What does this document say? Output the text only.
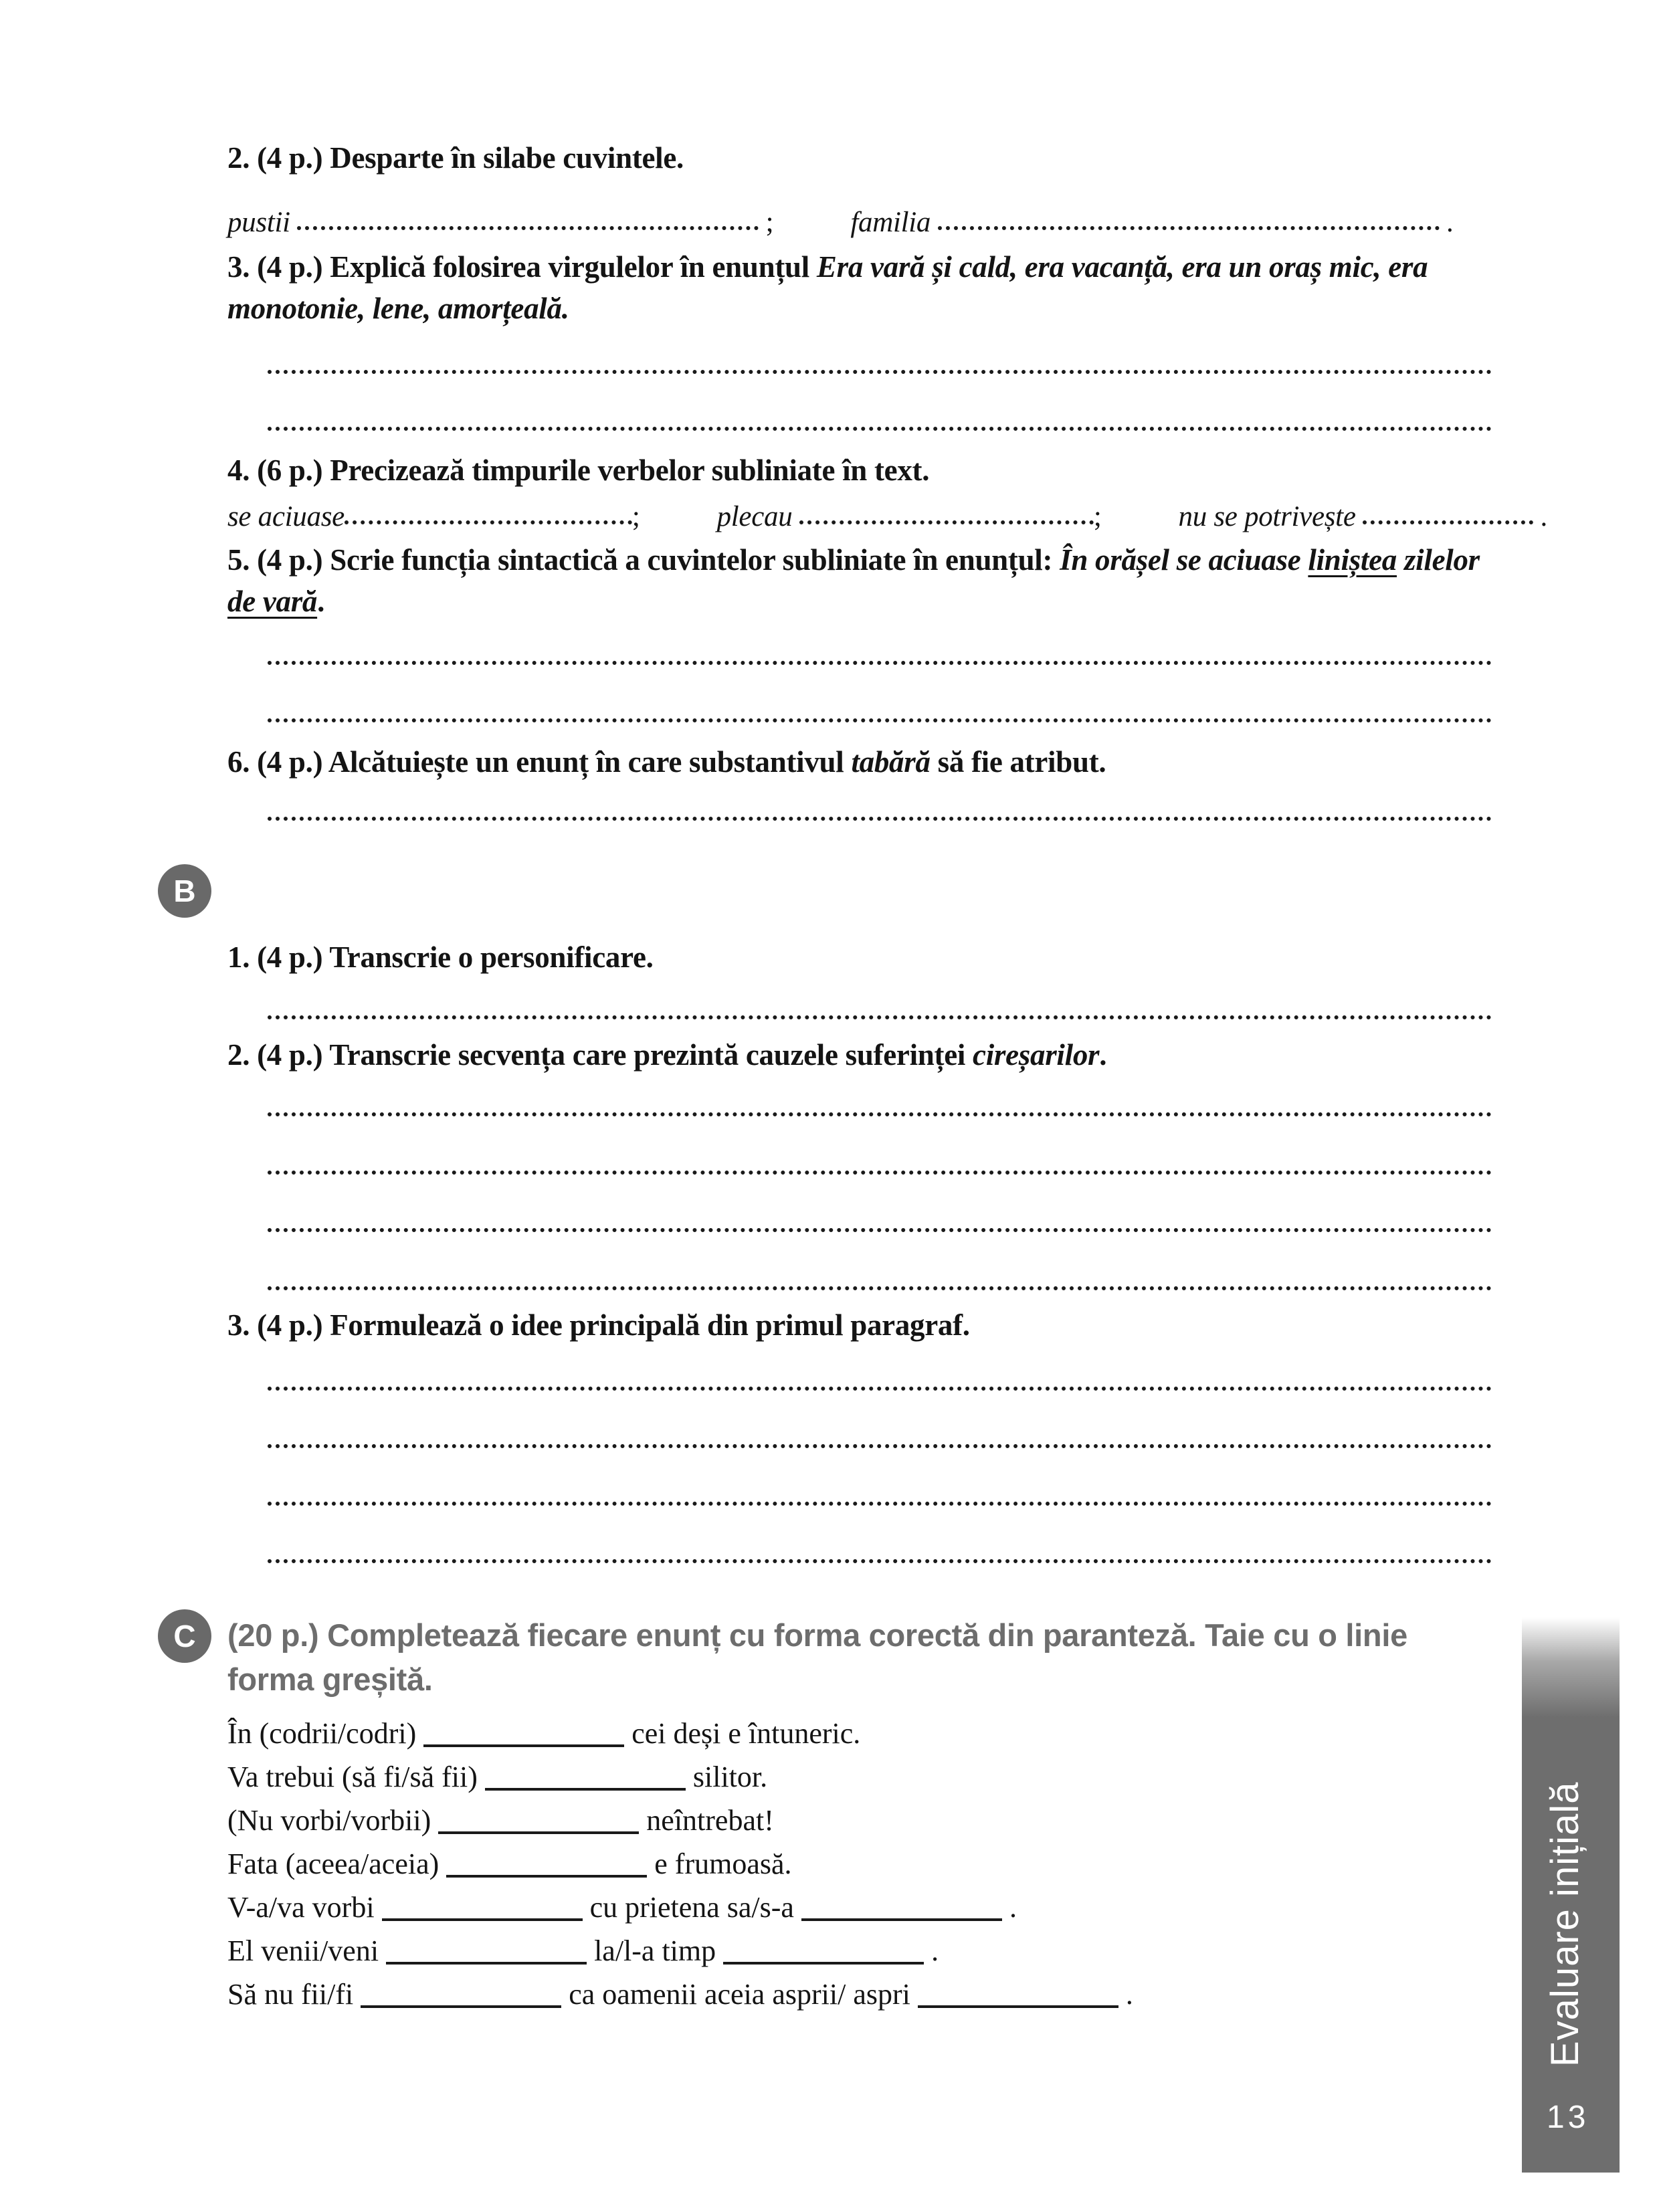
2. (4 p.) Desparte în silabe cuvintele.
pustii	;	familia	.
3. (4 p.) Explică folosirea virgulelor în enunțul Era vară și cald, era vacanță, era un oraș mic, era monotonie, lene, amorțeală.
4. (6 p.) Precizează timpurile verbelor subliniate în text.
se aciuase	;	plecau	;	nu se potrivește	.
5. (4 p.) Scrie funcția sintactică a cuvintelor subliniate în enunțul: În orășel se aciuase liniștea zilelor de vară.
6. (4 p.) Alcătuiește un enunț în care substantivul tabără să fie atribut.
B
1. (4 p.) Transcrie o personificare.
2. (4 p.) Transcrie secvența care prezintă cauzele suferinței cireșarilor.
3. (4 p.) Formulează o idee principală din primul paragraf.
C	(20 p.) Completează fiecare enunț cu forma corectă din paranteză. Taie cu o linie forma greșită.
În (codrii/codri)	cei deși e întuneric.
Va trebui (să fi/să fii)	silitor.
(Nu vorbi/vorbii)	neîntrebat!
Fata (aceea/aceia)	e frumoasă.
V-a/va vorbi	cu prietena sa/s-a	.
El venii/veni	la/l-a timp	.
Să nu fii/fi	ca oamenii aceia asprii/ aspri	.	Evaluare inițială
13
